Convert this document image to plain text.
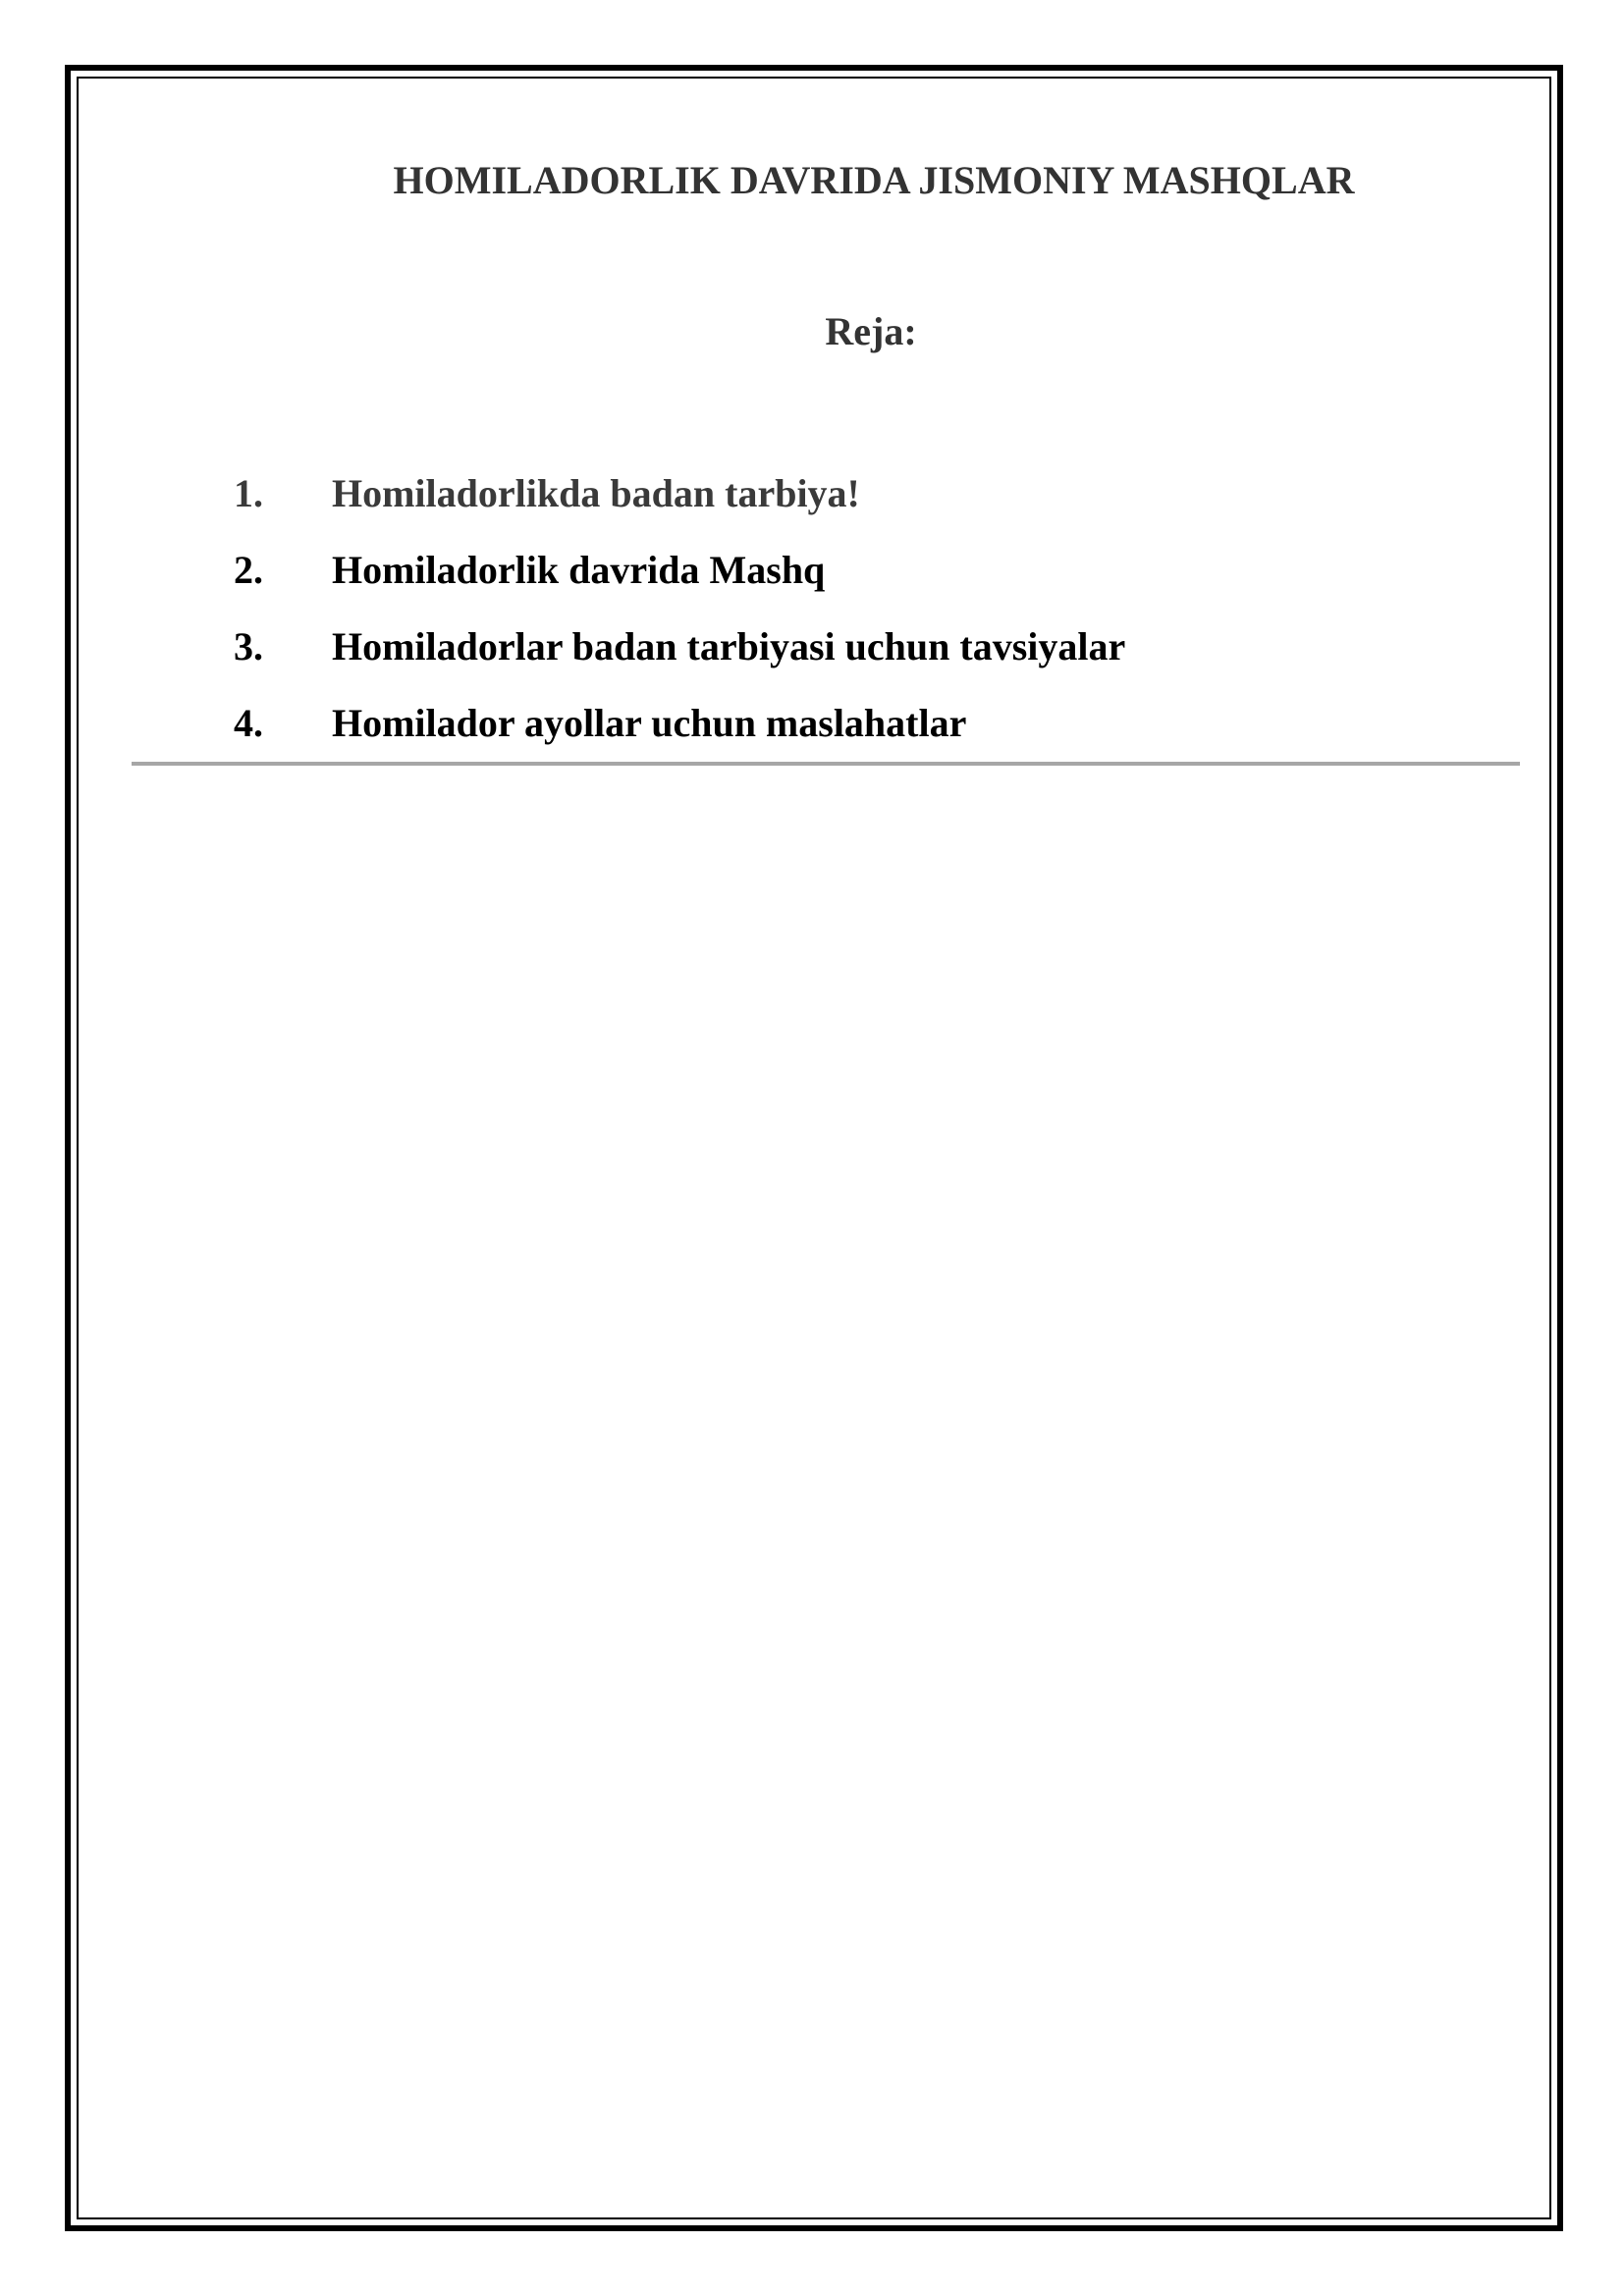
HOMILADORLIK DAVRIDA JISMONIY MASHQLAR
Reja:
1.	Homiladorlikda badan tarbiya!
2.	Homiladorlik davrida Mashq
3.	Homiladorlar badan tarbiyasi uchun tavsiyalar
4.	Homilador ayollar uchun maslahatlar
